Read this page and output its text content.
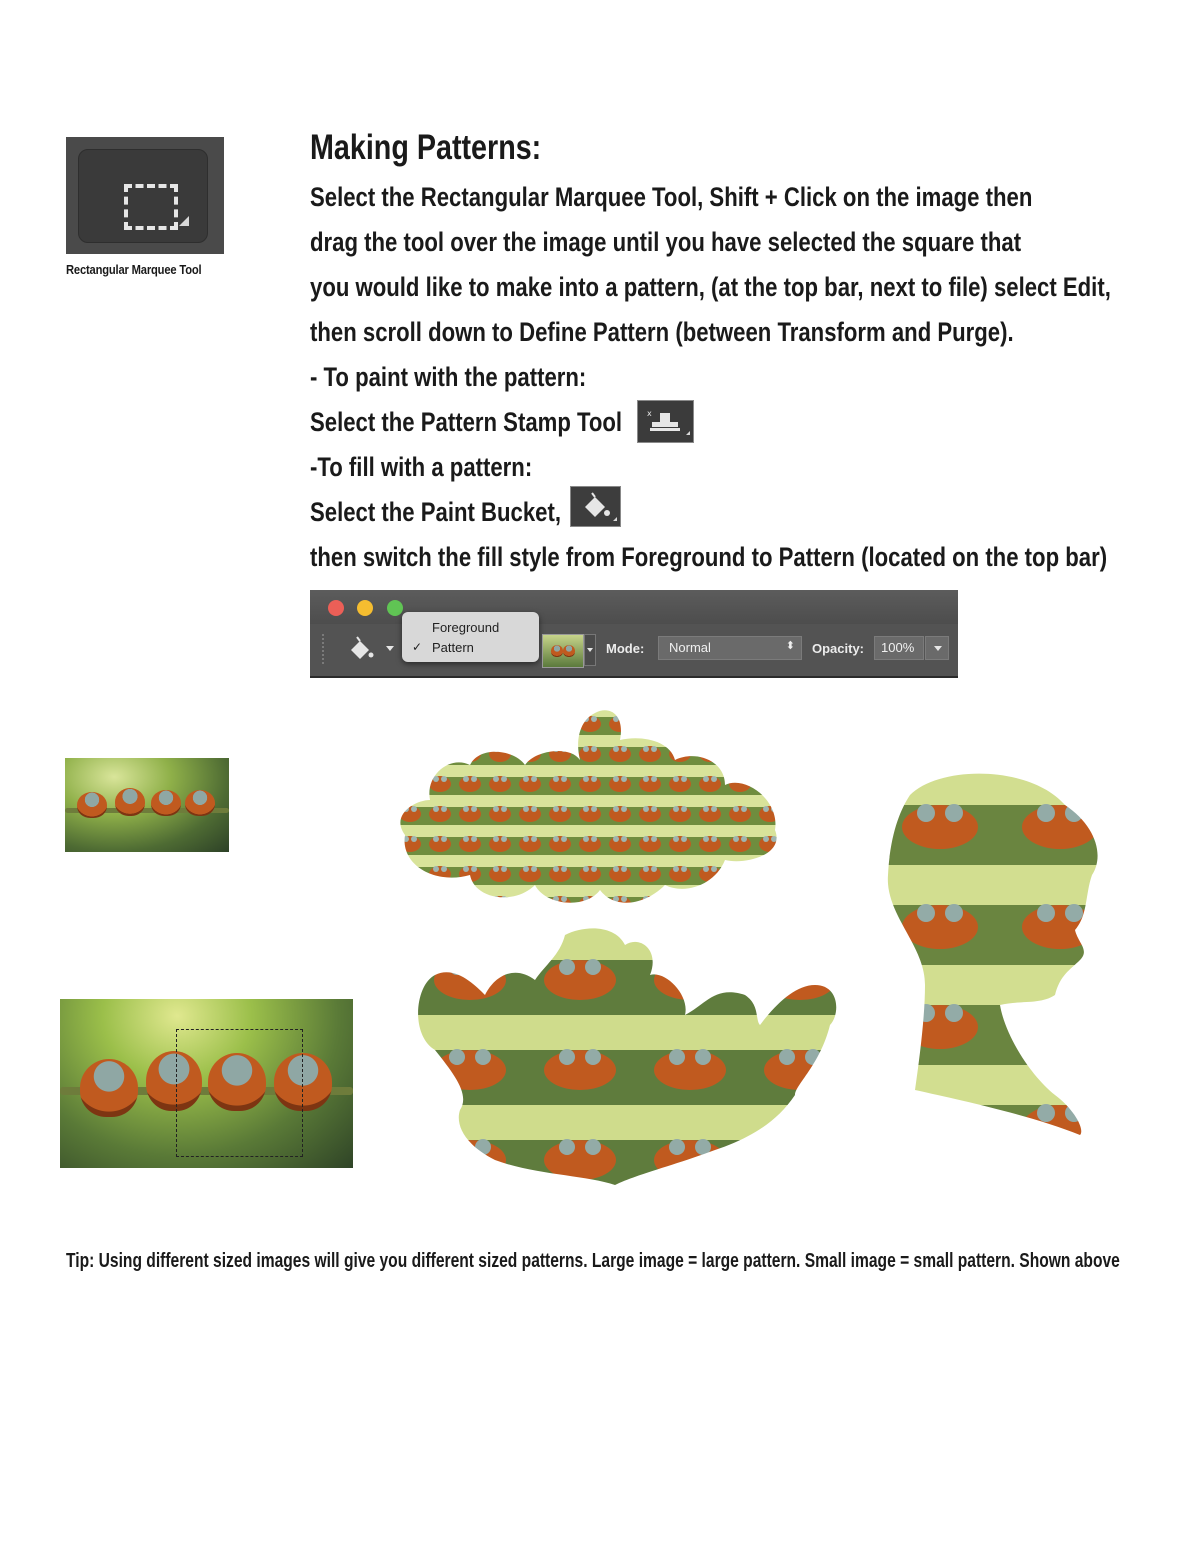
Rectangular Marquee Tool
Making Patterns:
Select the Rectangular Marquee Tool, Shift + Click on the image then
drag the tool over the image until you have selected the square that
you would like to make into a pattern, (at the top bar, next to file) select Edit,
then scroll down to Define Pattern (between Transform and Purge).
- To paint with the pattern:
Select the Pattern Stamp Tool	x
-To fill with a pattern:
Select the Paint Bucket,
then switch the fill style from Foreground to Pattern (located on the top bar)
Foreground
✓ Pattern	Mode:	Normal	⬍ Opacity:	100%
Tip: Using different sized images will give you different sized patterns. Large image = large pattern. Small image = small pattern. Shown above
